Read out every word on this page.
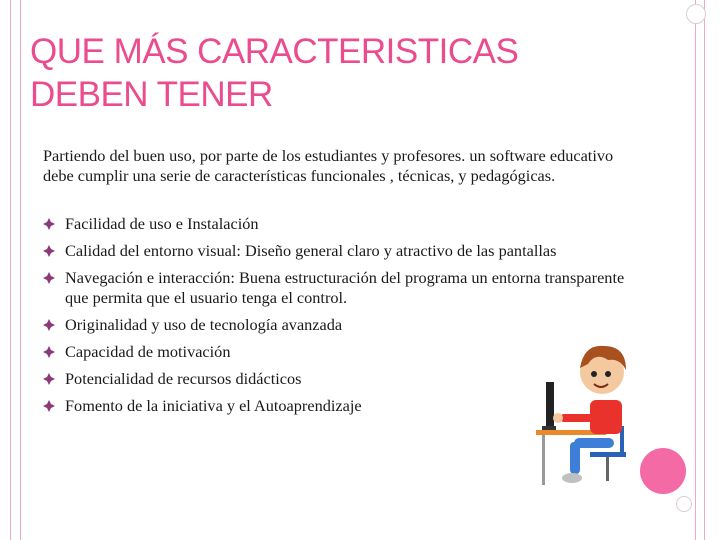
QUE MÁS CARACTERISTICAS DEBEN TENER

Partiendo del buen uso, por parte de los estudiantes y profesores. un software educativo debe cumplir una serie de características funcionales , técnicas, y pedagógicas.

Facilidad de uso e Instalación
Calidad del entorno visual: Diseño general claro y atractivo de las pantallas
Navegación e interacción: Buena estructuración del programa un entorna transparente que permita que el usuario tenga el control.
Originalidad y uso de tecnología avanzada
Capacidad de motivación
Potencialidad de recursos didácticos
Fomento de la iniciativa y el Autoaprendizaje
